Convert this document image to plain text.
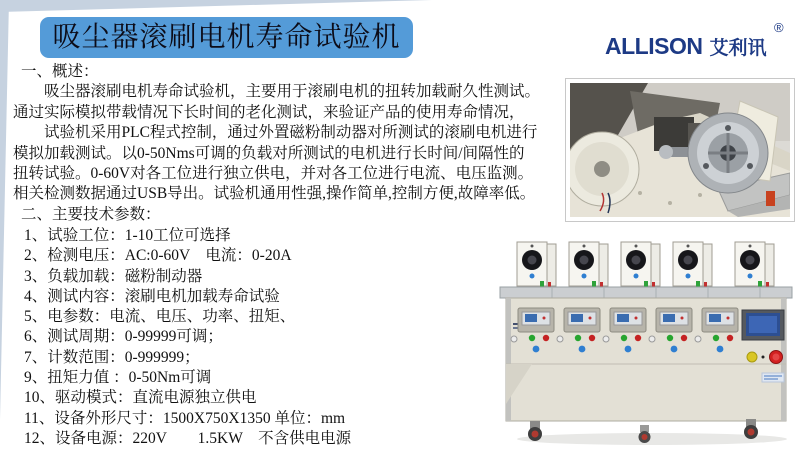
吸尘器滚刷电机寿命试验机	ALLISON 艾利讯
®
一、概述：
　　吸尘器滚刷电机寿命试验机，主要用于滚刷电机的扭转加载耐久性测试。
通过实际模拟带载情况下长时间的老化测试，来验证产品的使用寿命情况，
　　试验机采用PLC程式控制，通过外置磁粉制动器对所测试的滚刷电机进行
模拟加载测试。以0-50Nms可调的负载对所测试的电机进行长时间/间隔性的
扭转试验。0-60V对各工位进行独立供电，并对各工位进行电流、电压监测。
相关检测数据通过USB导出。试验机通用性强,操作简单,控制方便,故障率低。
二、主要技术参数：
1、试验工位：1-10工位可选择
2、检测电压：AC:0-60V　电流：0-20A
3、负载加载：磁粉制动器
4、测试内容：滚刷电机加载寿命试验
5、电参数：电流、电压、功率、扭矩、
6、测试周期：0-99999可调；
7、计数范围：0-999999；
9、扭矩力值 ：0-50Nm可调
10、驱动模式：直流电源独立供电
11、设备外形尺寸：1500X750X1350 单位：mm
12、设备电源：220V　　1.5KW　不含供电电源
